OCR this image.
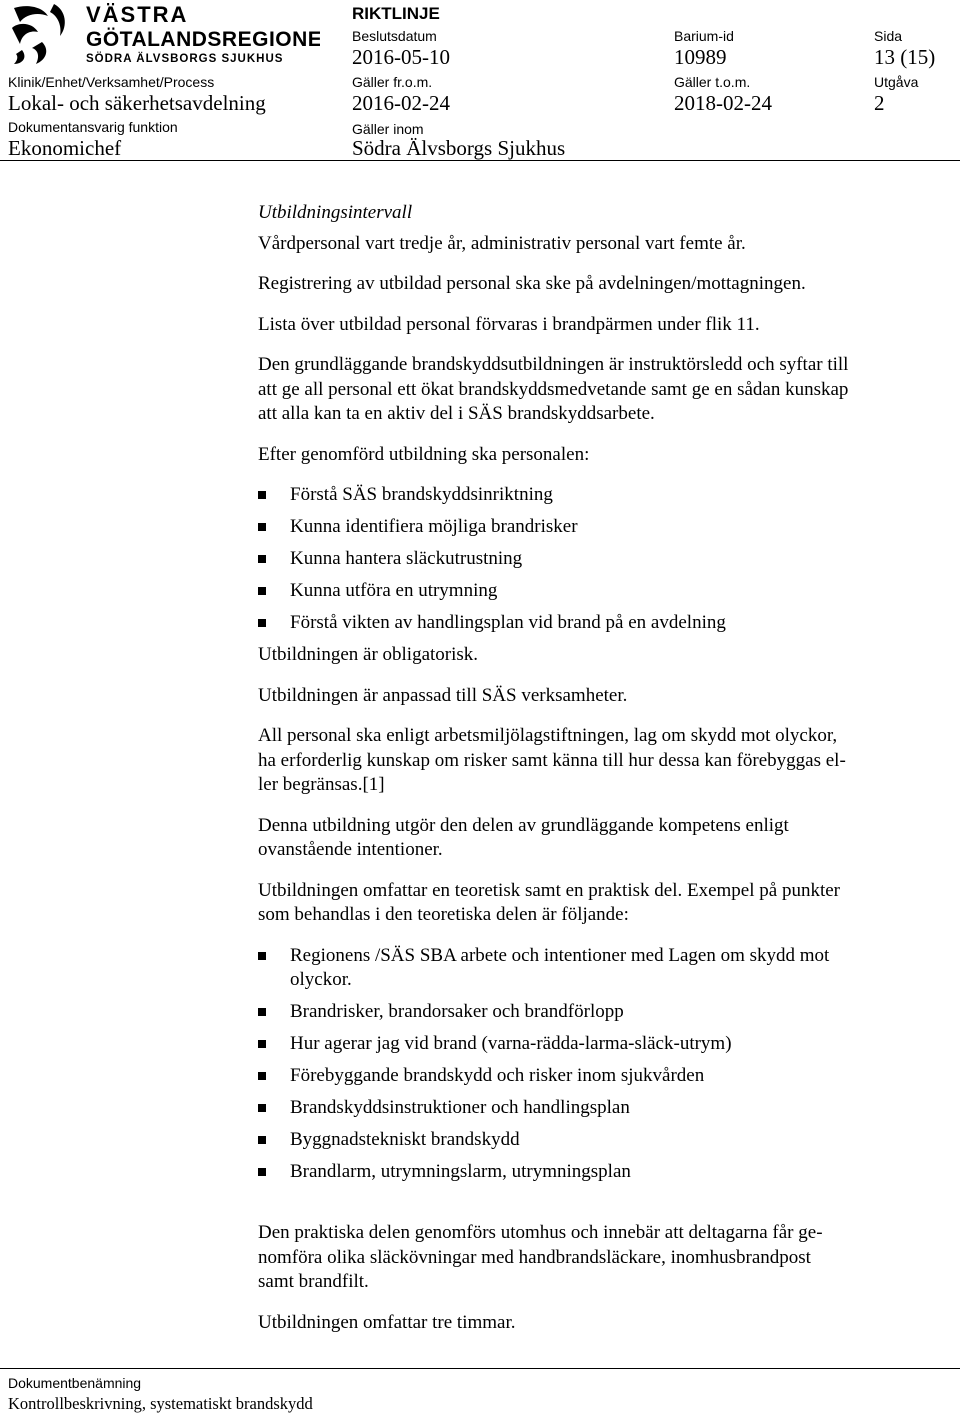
VÄSTRA
GÖTALANDSREGIONEN
SÖDRA ÄLVSBORGS SJUKHUS
RIKTLINJE
Beslutsdatum
2016-05-10
Barium-id
10989
Sida
13 (15)
Klinik/Enhet/Verksamhet/Process
Lokal- och säkerhetsavdelning
Gäller fr.o.m.
2016-02-24
Gäller t.o.m.
2018-02-24
Utgåva
2
Dokumentansvarig funktion
Ekonomichef
Gäller inom
Södra Älvsborgs Sjukhus

Utbildningsintervall

Vårdpersonal vart tredje år, administrativ personal vart femte år.

Registrering av utbildad personal ska ske på avdelningen/mottagningen.

Lista över utbildad personal förvaras i brandpärmen under flik 11.

Den grundläggande brandskyddsutbildningen är instruktörsledd och syftar till
att ge all personal ett ökat brandskyddsmedvetande samt ge en sådan kunskap
att alla kan ta en aktiv del i SÄS brandskyddsarbete.

Efter genomförd utbildning ska personalen:

Förstå SÄS brandskyddsinriktning
Kunna identifiera möjliga brandrisker
Kunna hantera släckutrustning
Kunna utföra en utrymning
Förstå vikten av handlingsplan vid brand på en avdelning

Utbildningen är obligatorisk.

Utbildningen är anpassad till SÄS verksamheter.

All personal ska enligt arbetsmiljölagstiftningen, lag om skydd mot olyckor,
ha erforderlig kunskap om risker samt känna till hur dessa kan förebyggas el-
ler begränsas.[1]

Denna utbildning utgör den delen av grundläggande kompetens enligt
ovanstående intentioner.

Utbildningen omfattar en teoretisk samt en praktisk del. Exempel på punkter
som behandlas i den teoretiska delen är följande:

Regionens /SÄS SBA arbete och intentioner med Lagen om skydd mot
olyckor.
Brandrisker, brandorsaker och brandförlopp
Hur agerar jag vid brand (varna-rädda-larma-släck-utrym)
Förebyggande brandskydd och risker inom sjukvården
Brandskyddsinstruktioner och handlingsplan
Byggnadstekniskt brandskydd
Brandlarm, utrymningslarm, utrymningsplan

Den praktiska delen genomförs utomhus och innebär att deltagarna får ge-
nomföra olika släckövningar med handbrandsläckare, inomhusbrandpost
samt brandfilt.

Utbildningen omfattar tre timmar.

Dokumentbenämning
Kontrollbeskrivning, systematiskt brandskydd
